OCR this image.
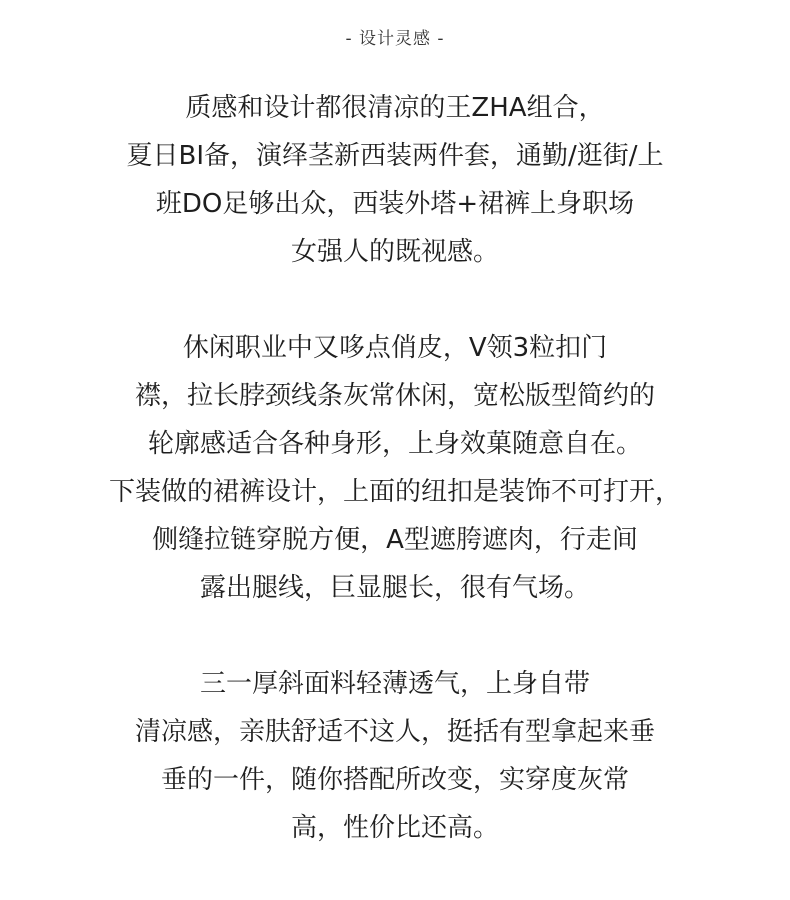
- 设计灵感 -
质感和设计都很清凉的王ZHA组合，
夏日BI备，演绎茎新西装两件套，通勤/逛街/上
班DO足够出众，西装外塔+裙裤上身职场
女强人的既视感。
休闲职业中又哆点俏皮，V领3粒扣门
襟，拉长脖颈线条灰常休闲，宽松版型简约的
轮廓感适合各种身形，上身效菓随意自在。
下装做的裙裤设计，上面的纽扣是装饰不可打开，
侧缝拉链穿脱方便，A型遮胯遮肉，行走间
露出腿线，巨显腿长，很有气场。
三一厚斜面料轻薄透气，上身自带
清凉感，亲肤舒适不这人，挺括有型拿起来垂
垂的一件，随你搭配所改变，实穿度灰常
高，性价比还高。
